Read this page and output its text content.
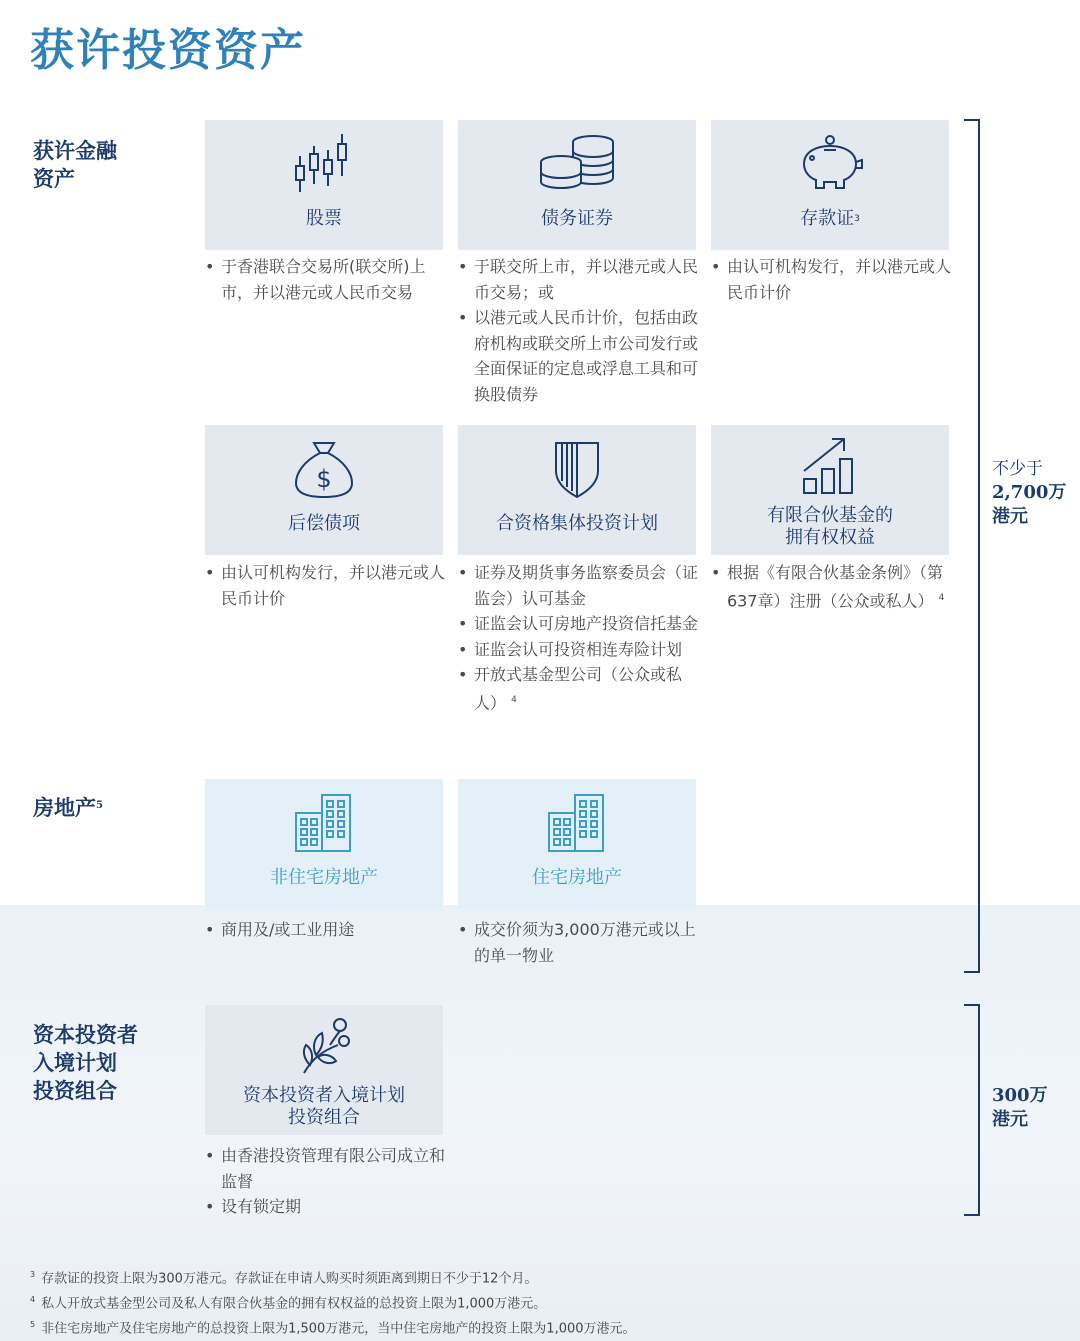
获许投资资产
获许金融
资产
房地产$^5$
资本投资者
入境计划
投资组合
股票
• 于香港联合交易所(联交所)上市，并以港元或人民币交易
债务证券
• 于联交所上市，并以港元或人民币交易；或
• 以港元或人民币计价，包括由政府机构或联交所上市公司发行或全面保证的定息或浮息工具和可换股债券
存款证$^3$
• 由认可机构发行，并以港元或人民币计价
$
后偿债项
• 由认可机构发行，并以港元或人民币计价
合资格集体投资计划
• 证券及期货事务监察委员会（证监会）认可基金
• 证监会认可房地产投资信托基金
• 证监会认可投资相连寿险计划
• 开放式基金型公司（公众或私人） $^4$
有限合伙基金的
拥有权权益
• 根据《有限合伙基金条例》（第637章）注册（公众或私人） $^4$
非住宅房地产
• 商用及/或工业用途
住宅房地产
• 成交价须为3,000万港元或以上的单一物业
资本投资者入境计划
投资组合
• 由香港投资管理有限公司成立和监督
• 设有锁定期
不少于
2,700万
港元
300万
港元
$^3$ 存款证的投资上限为300万港元。存款证在申请人购买时须距离到期日不少于12个月。
$^4$ 私人开放式基金型公司及私人有限合伙基金的拥有权权益的总投资上限为1,000万港元。
$^5$ 非住宅房地产及住宅房地产的总投资上限为1,500万港元，当中住宅房地产的投资上限为1,000万港元。
